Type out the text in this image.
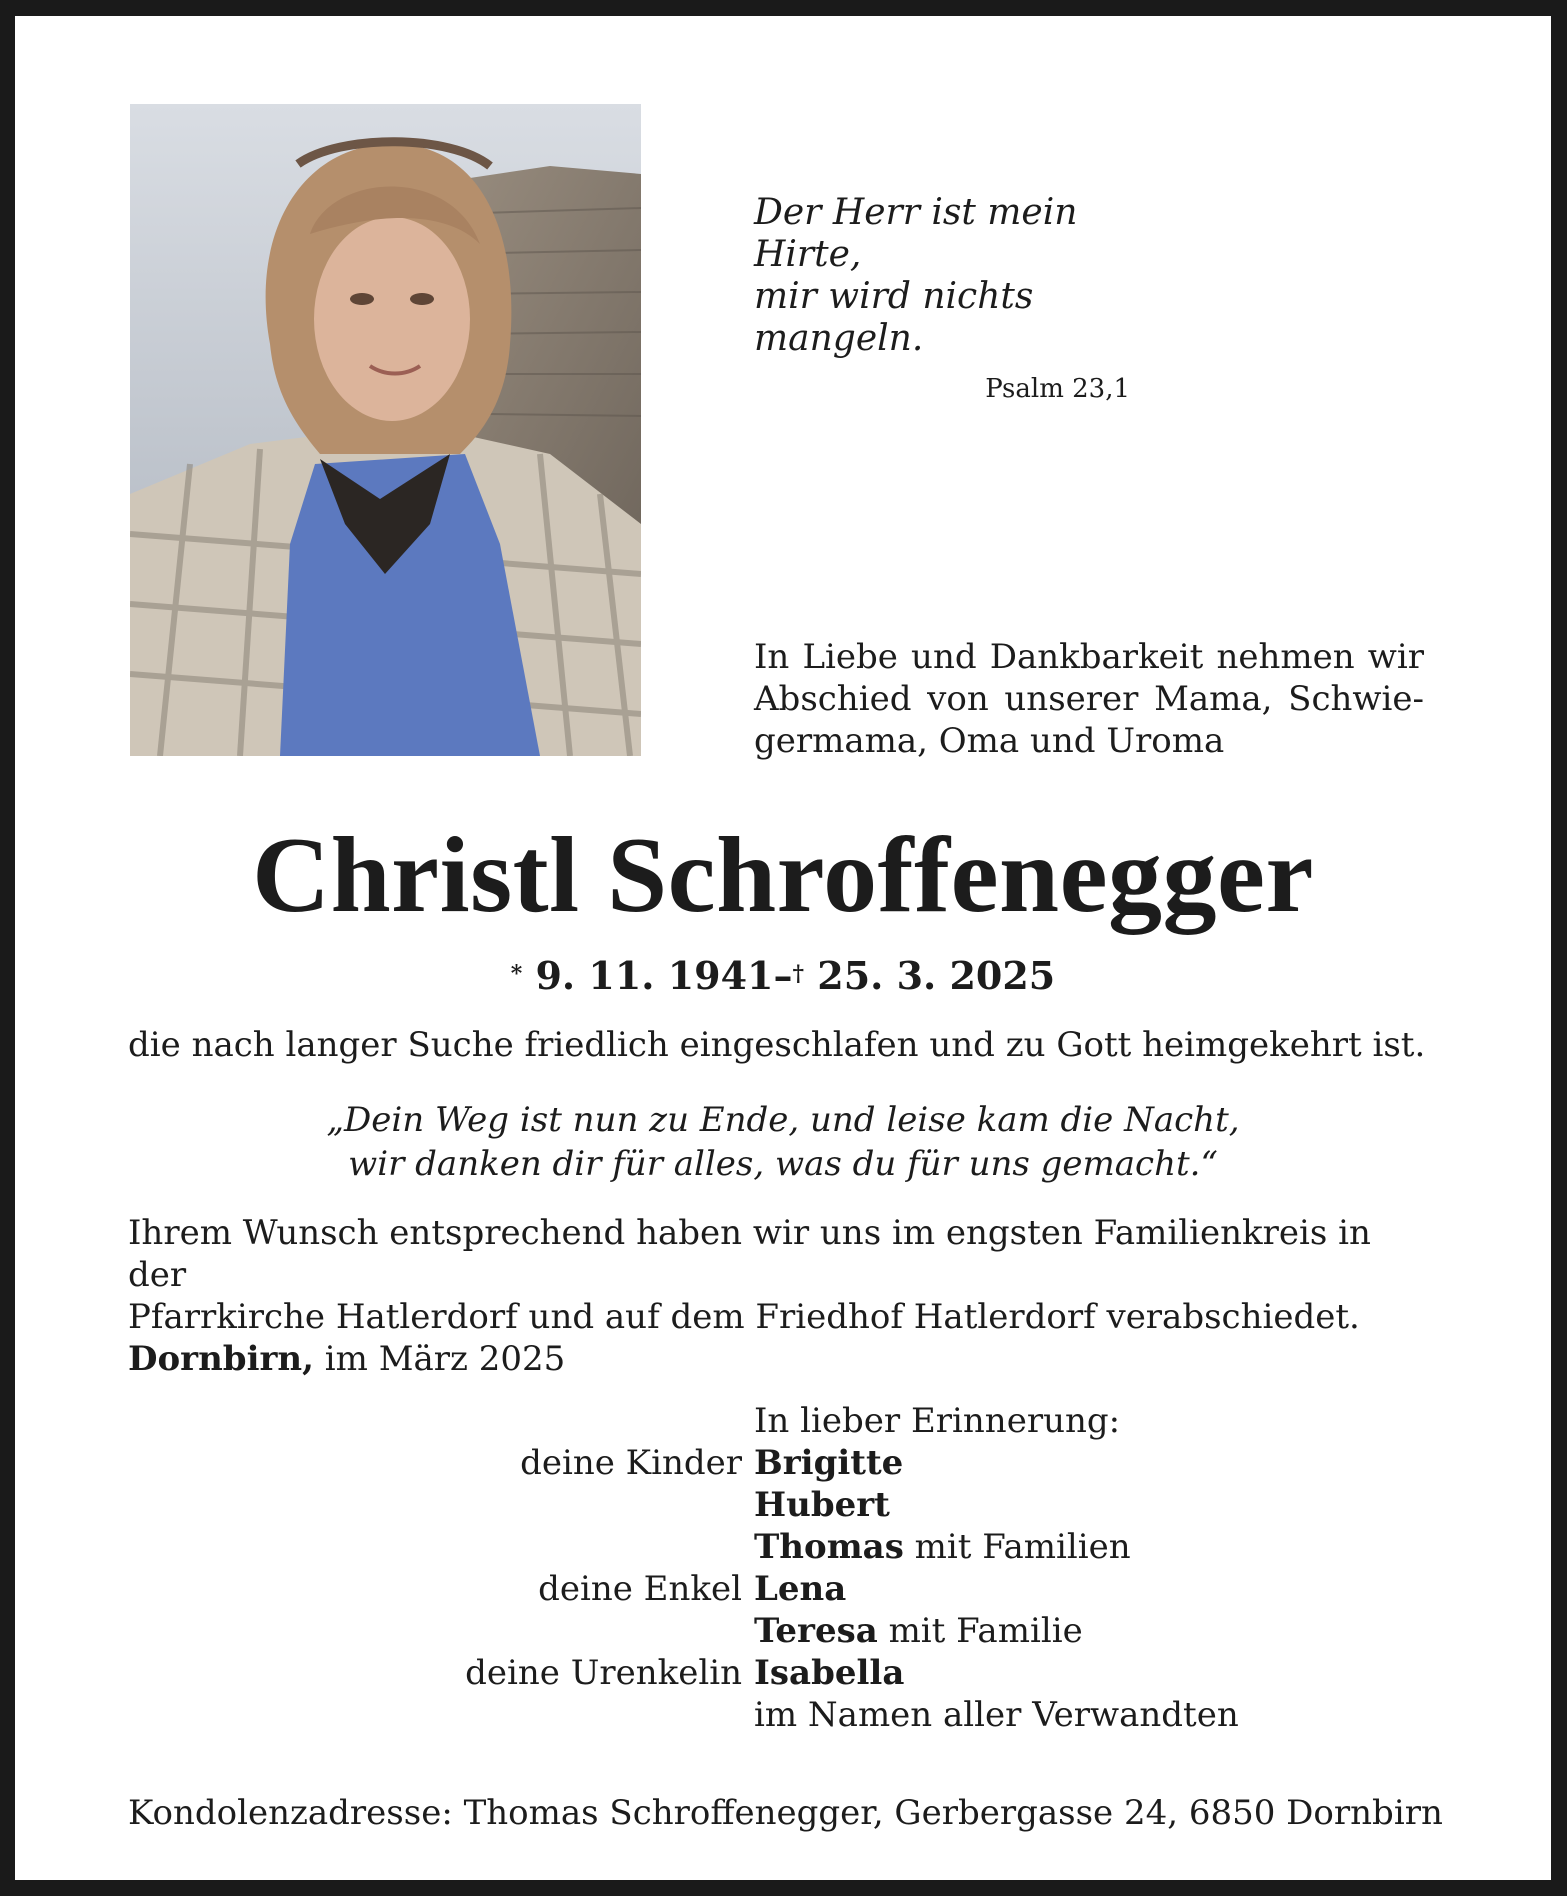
Der Herr ist mein Hirte,

mir wird nichts mangeln.

Psalm 23,1

In Liebe und Dankbarkeit nehmen wir
Abschied von unserer Mama, Schwie-
germama, Oma und Uroma

Christl Schroffenegger

* 9. 11. 1941–† 25. 3. 2025

die nach langer Suche friedlich eingeschlafen und zu Gott heimgekehrt ist.

„Dein Weg ist nun zu Ende, und leise kam die Nacht,
wir danken dir für alles, was du für uns gemacht.“

Ihrem Wunsch entsprechend haben wir uns im engsten Familienkreis in der
Pfarrkirche Hatlerdorf und auf dem Friedhof Hatlerdorf verabschiedet.

Dornbirn, im März 2025

In lieber Erinnerung:

deine Kinder Brigitte
Hubert
Thomas mit Familien
deine Enkel Lena
Teresa mit Familie
deine Urenkelin Isabella
im Namen aller Verwandten

Kondolenzadresse: Thomas Schroffenegger, Gerbergasse 24, 6850 Dornbirn
